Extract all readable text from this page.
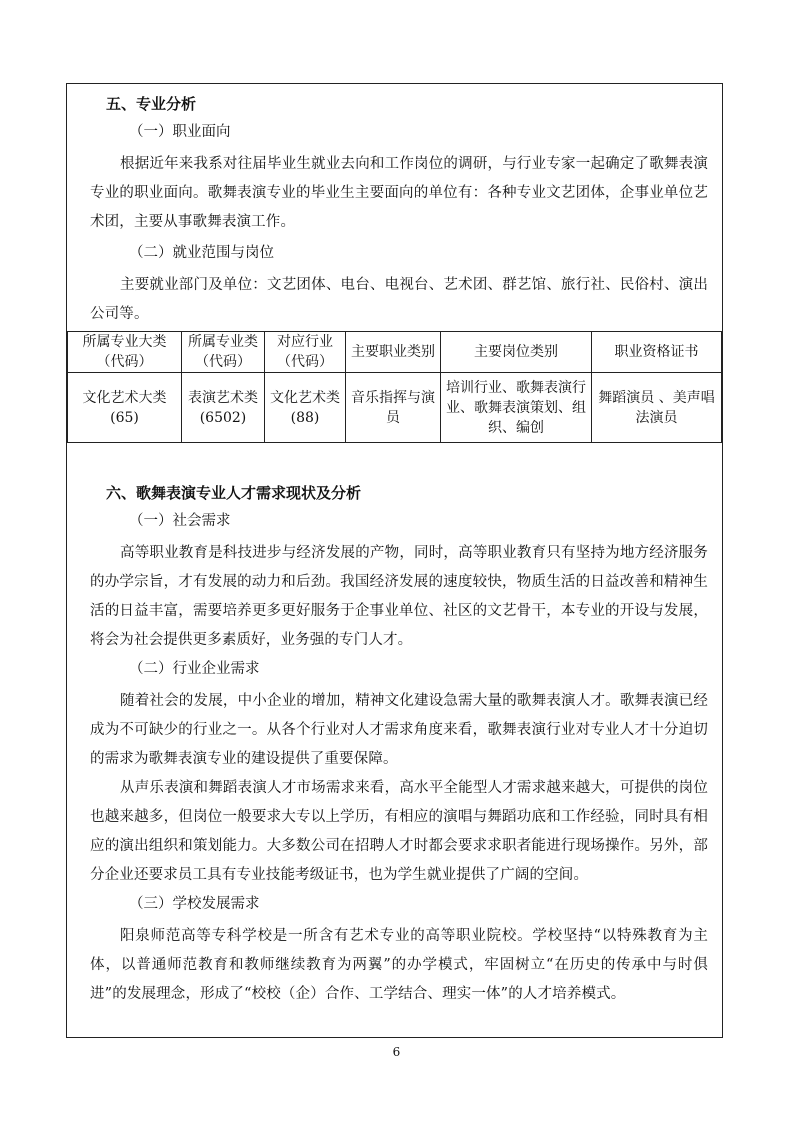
五、专业分析
（一）职业面向

根据近年来我系对往届毕业生就业去向和工作岗位的调研，与行业专家一起确定了歌舞表演专业的职业面向。歌舞表演专业的毕业生主要面向的单位有：各种专业文艺团体，企事业单位艺术团，主要从事歌舞表演工作。

（二）就业范围与岗位

主要就业部门及单位：文艺团体、电台、电视台、艺术团、群艺馆、旅行社、民俗村、演出公司等。

所属专业大类（代码）	所属专业类（代码）	对应行业（代码）	主要职业类别	主要岗位类别	职业资格证书
文化艺术大类(65)	表演艺术类(6502)	文化艺术类(88)	音乐指挥与演员	培训行业、歌舞表演行业、歌舞表演策划、组织、编创	舞蹈演员 、美声唱法演员
六、歌舞表演专业人才需求现状及分析
（一）社会需求

高等职业教育是科技进步与经济发展的产物，同时，高等职业教育只有坚持为地方经济服务的办学宗旨，才有发展的动力和后劲。我国经济发展的速度较快，物质生活的日益改善和精神生活的日益丰富，需要培养更多更好服务于企事业单位、社区的文艺骨干，本专业的开设与发展，将会为社会提供更多素质好，业务强的专门人才。

（二）行业企业需求

随着社会的发展，中小企业的增加，精神文化建设急需大量的歌舞表演人才。歌舞表演已经成为不可缺少的行业之一。从各个行业对人才需求角度来看，歌舞表演行业对专业人才十分迫切的需求为歌舞表演专业的建设提供了重要保障。

从声乐表演和舞蹈表演人才市场需求来看，高水平全能型人才需求越来越大，可提供的岗位也越来越多，但岗位一般要求大专以上学历，有相应的演唱与舞蹈功底和工作经验，同时具有相应的演出组织和策划能力。大多数公司在招聘人才时都会要求求职者能进行现场操作。另外，部分企业还要求员工具有专业技能考级证书，也为学生就业提供了广阔的空间。

（三）学校发展需求

阳泉师范高等专科学校是一所含有艺术专业的高等职业院校。学校坚持“以特殊教育为主体，以普通师范教育和教师继续教育为两翼”的办学模式，牢固树立“在历史的传承中与时俱进”的发展理念，形成了“校校（企）合作、工学结合、理实一体”的人才培养模式。

6
